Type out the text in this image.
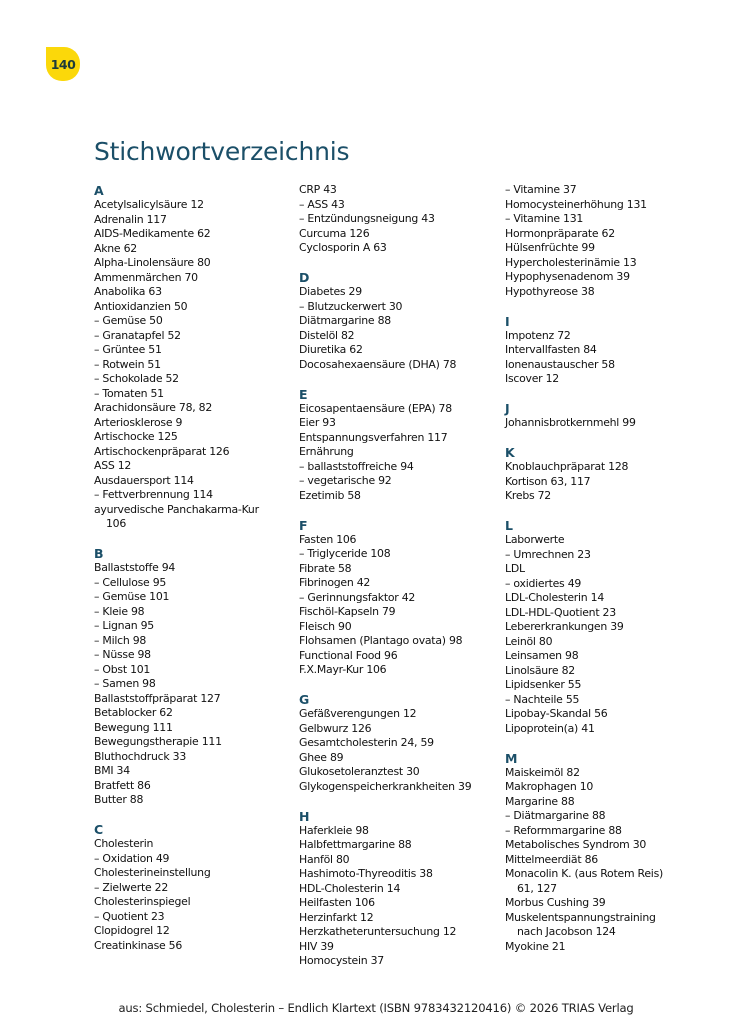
140
Stichwortverzeichnis
A
Acetylsalicylsäure 12
Adrenalin 117
AIDS-Medikamente 62
Akne 62
Alpha-Linolensäure 80
Ammenmärchen 70
Anabolika 63
Antioxidanzien 50
– Gemüse 50
– Granatapfel 52
– Grüntee 51
– Rotwein 51
– Schokolade 52
– Tomaten 51
Arachidonsäure 78, 82
Arteriosklerose 9
Artischocke 125
Artischockenpräparat 126
ASS 12
Ausdauersport 114
– Fettverbrennung 114
ayurvedische Panchakarma-Kur
106
B
Ballaststoffe 94
– Cellulose 95
– Gemüse 101
– Kleie 98
– Lignan 95
– Milch 98
– Nüsse 98
– Obst 101
– Samen 98
Ballaststoffpräparat 127
Betablocker 62
Bewegung 111
Bewegungstherapie 111
Bluthochdruck 33
BMI 34
Bratfett 86
Butter 88
C
Cholesterin
– Oxidation 49
Cholesterineinstellung
– Zielwerte 22
Cholesterinspiegel
– Quotient 23
Clopidogrel 12
Creatinkinase 56
CRP 43
– ASS 43
– Entzündungsneigung 43
Curcuma 126
Cyclosporin A 63
D
Diabetes 29
– Blutzuckerwert 30
Diätmargarine 88
Distelöl 82
Diuretika 62
Docosahexaensäure (DHA) 78
E
Eicosapentaensäure (EPA) 78
Eier 93
Entspannungsverfahren 117
Ernährung
– ballaststoffreiche 94
– vegetarische 92
Ezetimib 58
F
Fasten 106
– Triglyceride 108
Fibrate 58
Fibrinogen 42
– Gerinnungsfaktor 42
Fischöl-Kapseln 79
Fleisch 90
Flohsamen (Plantago ovata) 98
Functional Food 96
F.X.Mayr-Kur 106
G
Gefäßverengungen 12
Gelbwurz 126
Gesamtcholesterin 24, 59
Ghee 89
Glukosetoleranztest 30
Glykogenspeicherkrankheiten 39
H
Haferkleie 98
Halbfettmargarine 88
Hanföl 80
Hashimoto-Thyreoditis 38
HDL-Cholesterin 14
Heilfasten 106
Herzinfarkt 12
Herzkatheteruntersuchung 12
HIV 39
Homocystein 37
– Vitamine 37
Homocysteinerhöhung 131
– Vitamine 131
Hormonpräparate 62
Hülsenfrüchte 99
Hypercholesterinämie 13
Hypophysenadenom 39
Hypothyreose 38
I
Impotenz 72
Intervallfasten 84
Ionenaustauscher 58
Iscover 12
J
Johannisbrotkernmehl 99
K
Knoblauchpräparat 128
Kortison 63, 117
Krebs 72
L
Laborwerte
– Umrechnen 23
LDL
– oxidiertes 49
LDL-Cholesterin 14
LDL-HDL-Quotient 23
Lebererkrankungen 39
Leinöl 80
Leinsamen 98
Linolsäure 82
Lipidsenker 55
– Nachteile 55
Lipobay-Skandal 56
Lipoprotein(a) 41
M
Maiskeimöl 82
Makrophagen 10
Margarine 88
– Diätmargarine 88
– Reformmargarine 88
Metabolisches Syndrom 30
Mittelmeerdiät 86
Monacolin K. (aus Rotem Reis)
61, 127
Morbus Cushing 39
Muskelentspannungstraining
nach Jacobson 124
Myokine 21
aus: Schmiedel, Cholesterin – Endlich Klartext (ISBN 9783432120416) © 2026 TRIAS Verlag
